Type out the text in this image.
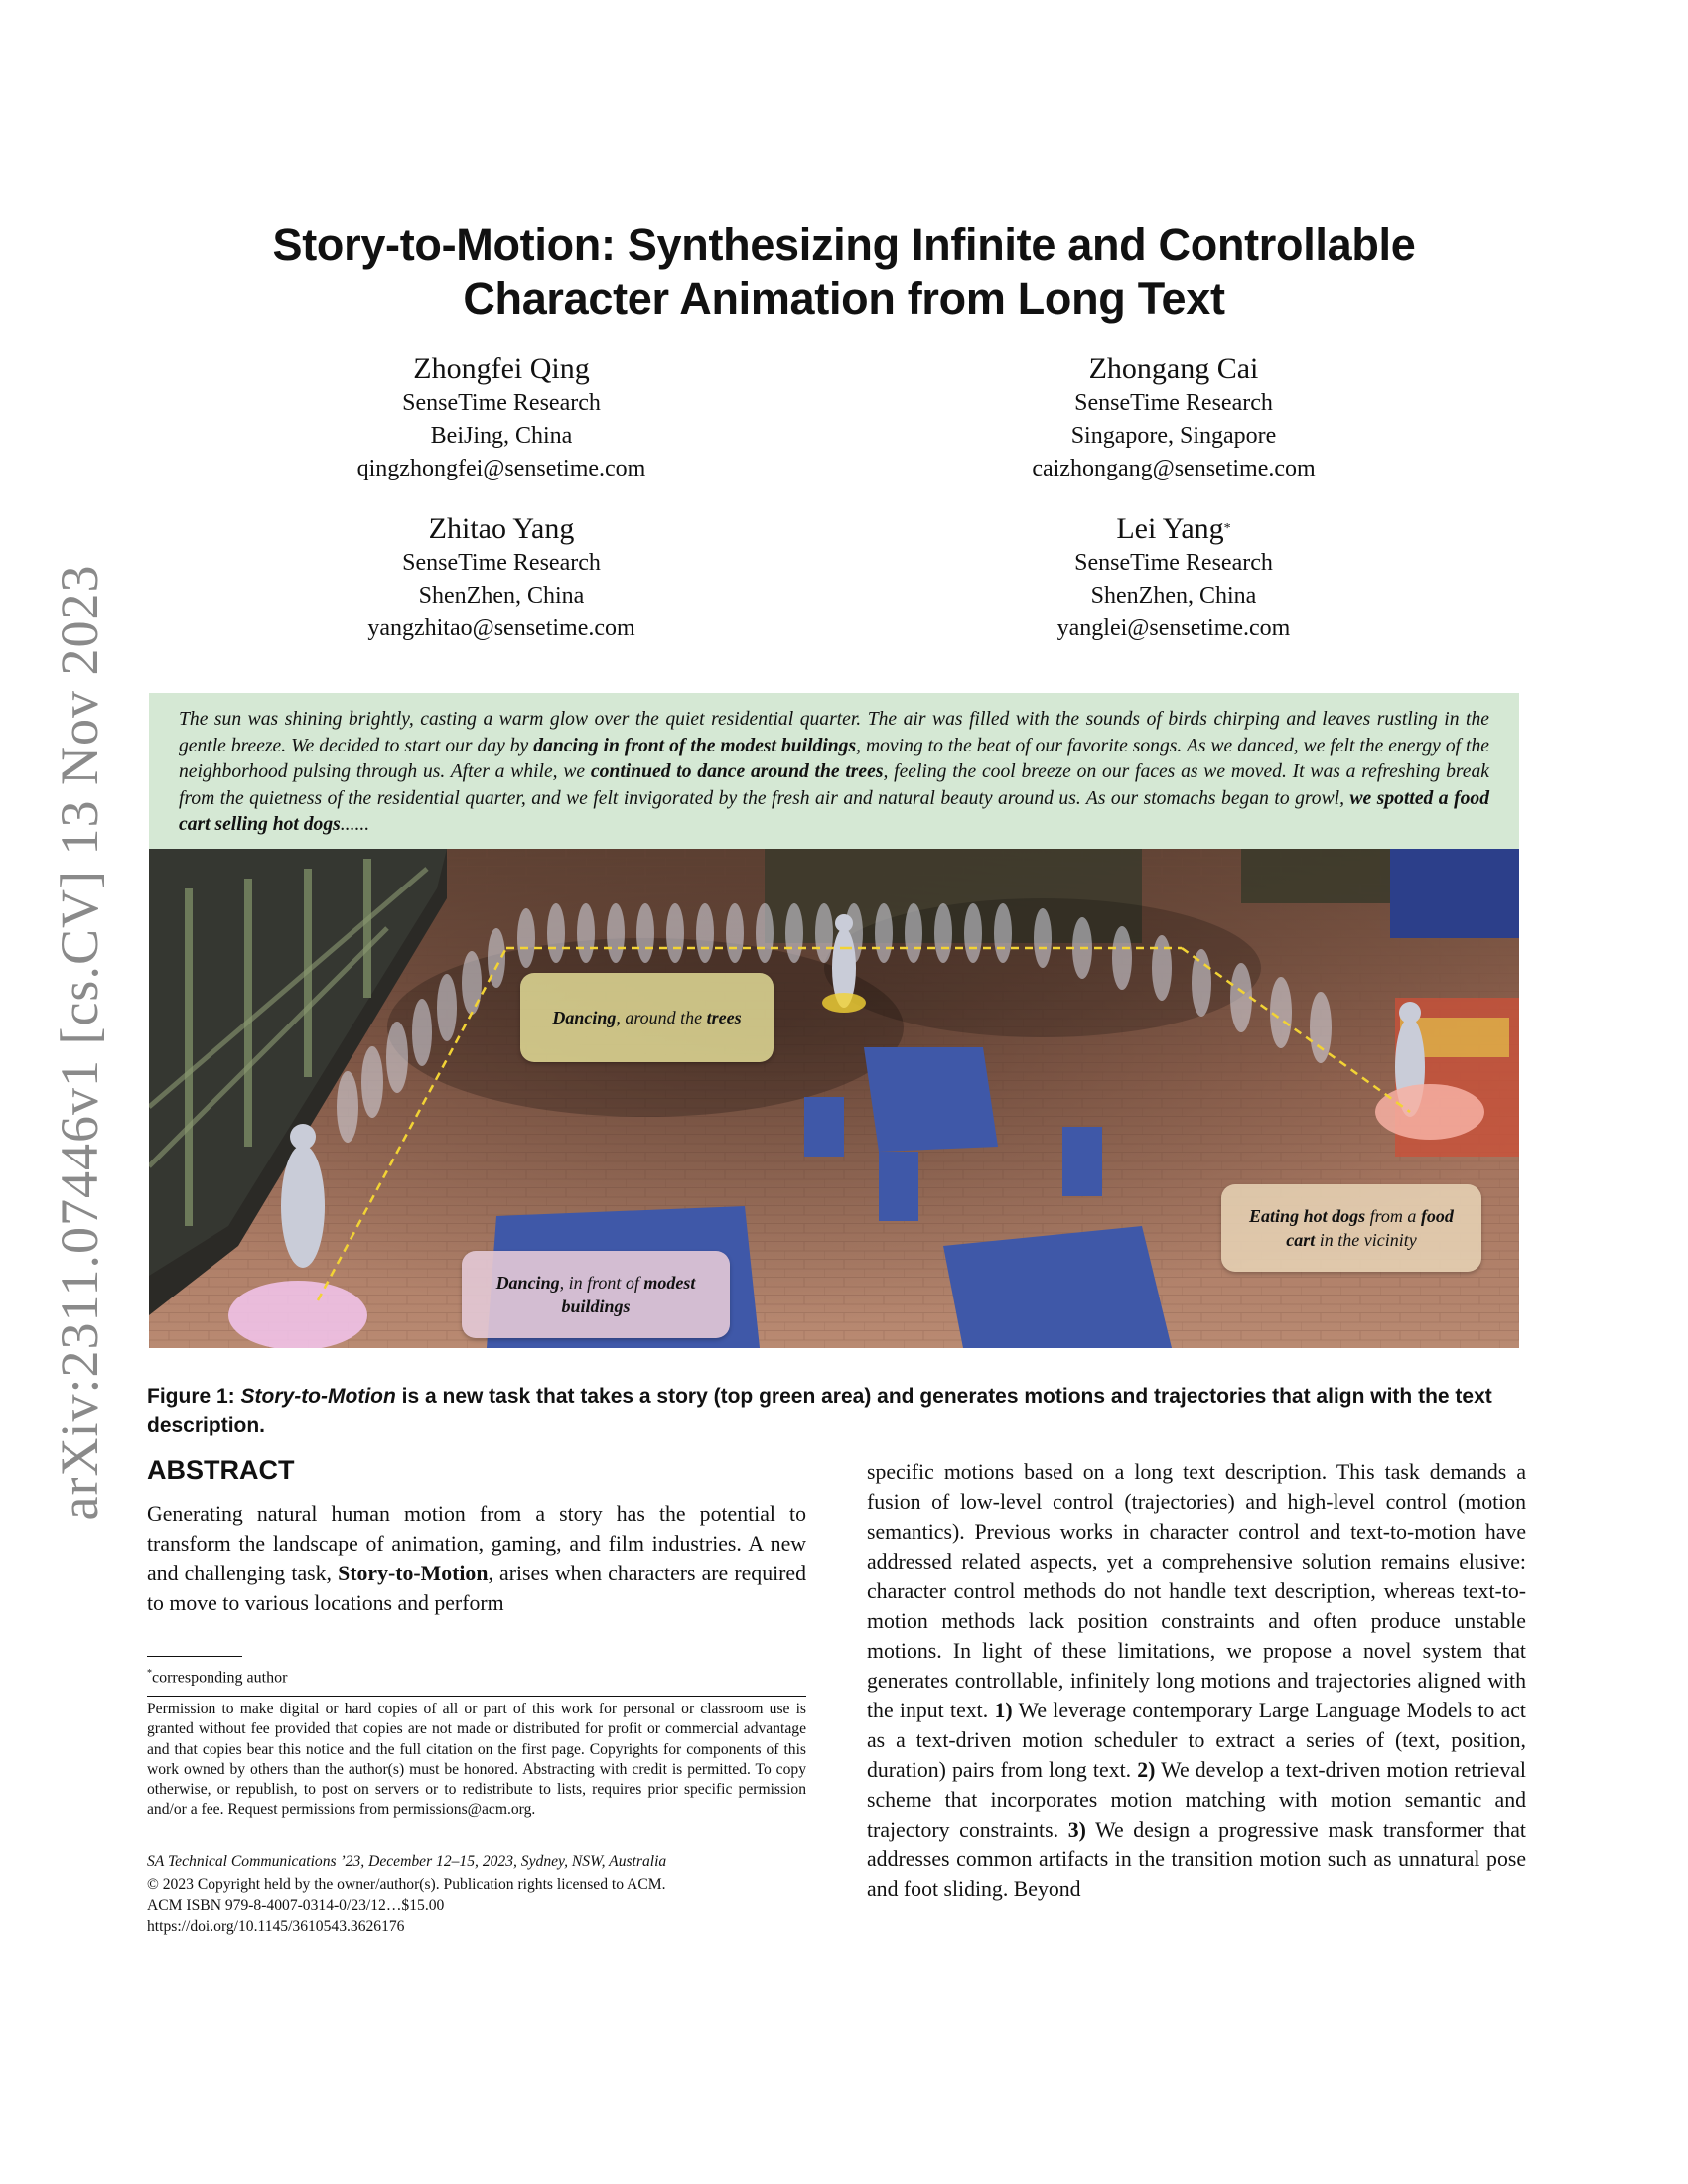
Story-to-Motion: Synthesizing Infinite and Controllable
Character Animation from Long Text
Zhongfei Qing
SenseTime Research
BeiJing, China
qingzhongfei@sensetime.com
Zhongang Cai
SenseTime Research
Singapore, Singapore
caizhongang@sensetime.com
Zhitao Yang
SenseTime Research
ShenZhen, China
yangzhitao@sensetime.com
Lei Yang*
SenseTime Research
ShenZhen, China
yanglei@sensetime.com
arXiv:2311.07446v1 [cs.CV] 13 Nov 2023	The sun was shining brightly, casting a warm glow over the quiet residential quarter. The air was filled with the sounds of birds chirping and leaves rustling in the gentle breeze. We decided to start our day by dancing in front of the modest buildings, moving to the beat of our favorite songs. As we danced, we felt the energy of the neighborhood pulsing through us. After a while, we continued to dance around the trees, feeling the cool breeze on our faces as we moved. It was a refreshing break from the quietness of the residential quarter, and we felt invigorated by the fresh air and natural beauty around us. As our stomachs began to growl, we spotted a food cart selling hot dogs......
Dancing, around the trees
Eating hot dogs from a food cart in the vicinity
Dancing, in front of modest buildings
Figure 1: Story-to-Motion is a new task that takes a story (top green area) and generates motions and trajectories that align with the text description.
ABSTRACT
Generating natural human motion from a story has the potential to transform the landscape of animation, gaming, and film industries. A new and challenging task, Story-to-Motion, arises when characters are required to move to various locations and perform
*corresponding author
Permission to make digital or hard copies of all or part of this work for personal or classroom use is granted without fee provided that copies are not made or distributed for profit or commercial advantage and that copies bear this notice and the full citation on the first page. Copyrights for components of this work owned by others than the author(s) must be honored. Abstracting with credit is permitted. To copy otherwise, or republish, to post on servers or to redistribute to lists, requires prior specific permission and/or a fee. Request permissions from permissions@acm.org.
SA Technical Communications ’23, December 12–15, 2023, Sydney, NSW, Australia
© 2023 Copyright held by the owner/author(s). Publication rights licensed to ACM.
ACM ISBN 979-8-4007-0314-0/23/12…$15.00
https://doi.org/10.1145/3610543.3626176
specific motions based on a long text description. This task demands a fusion of low-level control (trajectories) and high-level control (motion semantics). Previous works in character control and text-to-motion have addressed related aspects, yet a comprehensive solution remains elusive: character control methods do not handle text description, whereas text-to-motion methods lack position constraints and often produce unstable motions. In light of these limitations, we propose a novel system that generates controllable, infinitely long motions and trajectories aligned with the input text. 1) We leverage contemporary Large Language Models to act as a text-driven motion scheduler to extract a series of (text, position, duration) pairs from long text. 2) We develop a text-driven motion retrieval scheme that incorporates motion matching with motion semantic and trajectory constraints. 3) We design a progressive mask transformer that addresses common artifacts in the transition motion such as unnatural pose and foot sliding. Beyond
